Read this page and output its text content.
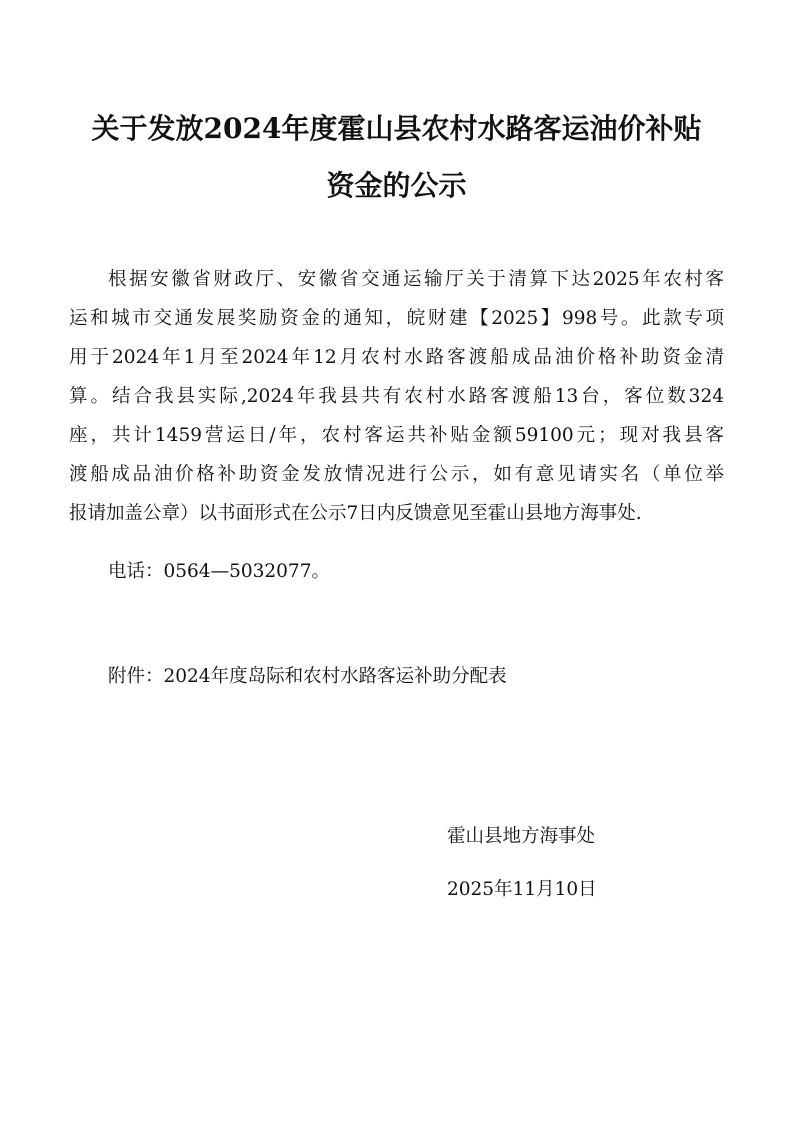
关于发放2024年度霍山县农村水路客运油价补贴
资金的公示
根据安徽省财政厅、安徽省交通运输厅关于清算下达2025年农村客
运和城市交通发展奖励资金的通知，皖财建【2025】998号。此款专项
用于2024年1月至2024年12月农村水路客渡船成品油价格补助资金清
算。结合我县实际,2024年我县共有农村水路客渡船13台，客位数324
座，共计1459营运日/年，农村客运共补贴金额59100元；现对我县客
渡船成品油价格补助资金发放情况进行公示，如有意见请实名（单位举
报请加盖公章）以书面形式在公示7日内反馈意见至霍山县地方海事处.
电话：0564—5032077。
附件：2024年度岛际和农村水路客运补助分配表
霍山县地方海事处
2025年11月10日
